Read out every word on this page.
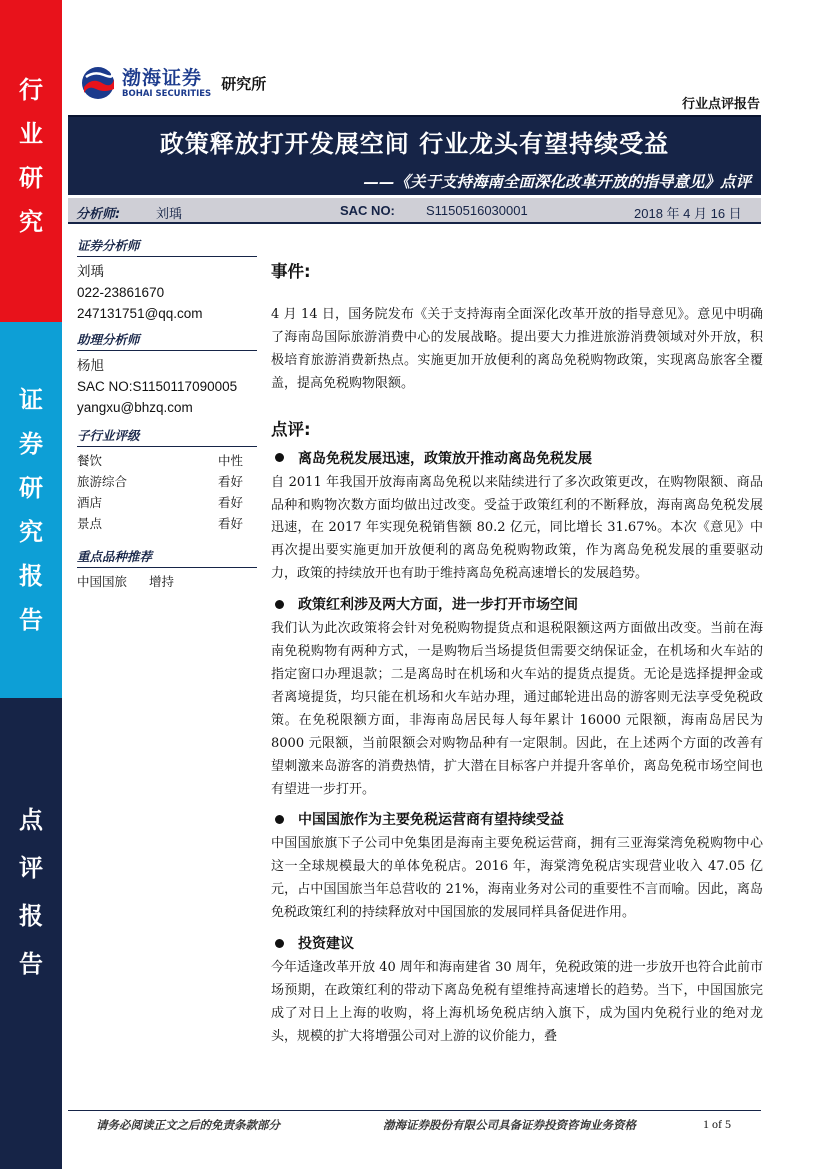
行
业
研
究
证
券
研
究
报
告
点
评
报
告
渤海证券
BOHAI SECURITIES
研究所
行业点评报告
政策释放打开发展空间 行业龙头有望持续受益
——《关于支持海南全面深化改革开放的指导意见》点评
分析师:	刘瑀	SAC NO: S1150516030001	2018 年 4 月 16 日
证券分析师
刘瑀
022-23861670
247131751@qq.com
助理分析师
杨旭
SAC NO:S1150117090005
yangxu@bhzq.com
子行业评级
餐饮	中性
旅游综合	看好
酒店	看好
景点	看好
重点品种推荐
中国国旅	增持
事件:

4 月 14 日，国务院发布《关于支持海南全面深化改革开放的指导意见》。意见中明确了海南岛国际旅游消费中心的发展战略。提出要大力推进旅游消费领域对外开放，积极培育旅游消费新热点。实施更加开放便利的离岛免税购物政策，实现离岛旅客全覆盖，提高免税购物限额。

点评:
离岛免税发展迅速，政策放开推动离岛免税发展

自 2011 年我国开放海南离岛免税以来陆续进行了多次政策更改，在购物限额、商品品种和购物次数方面均做出过改变。受益于政策红利的不断释放，海南离岛免税发展迅速，在 2017 年实现免税销售额 80.2 亿元，同比增长 31.67%。本次《意见》中再次提出要实施更加开放便利的离岛免税购物政策，作为离岛免税发展的重要驱动力，政策的持续放开也有助于维持离岛免税高速增长的发展趋势。

政策红利涉及两大方面，进一步打开市场空间

我们认为此次政策将会针对免税购物提货点和退税限额这两方面做出改变。当前在海南免税购物有两种方式，一是购物后当场提货但需要交纳保证金，在机场和火车站的指定窗口办理退款；二是离岛时在机场和火车站的提货点提货。无论是选择提押金或者离境提货，均只能在机场和火车站办理，通过邮轮进出岛的游客则无法享受免税政策。在免税限额方面，非海南岛居民每人每年累计 16000 元限额，海南岛居民为 8000 元限额，当前限额会对购物品种有一定限制。因此，在上述两个方面的改善有望刺激来岛游客的消费热情，扩大潜在目标客户并提升客单价，离岛免税市场空间也有望进一步打开。

中国国旅作为主要免税运营商有望持续受益

中国国旅旗下子公司中免集团是海南主要免税运营商，拥有三亚海棠湾免税购物中心这一全球规模最大的单体免税店。2016 年，海棠湾免税店实现营业收入 47.05 亿元，占中国国旅当年总营收的 21%，海南业务对公司的重要性不言而喻。因此，离岛免税政策红利的持续释放对中国国旅的发展同样具备促进作用。

投资建议

今年适逢改革开放 40 周年和海南建省 30 周年，免税政策的进一步放开也符合此前市场预期，在政策红利的带动下离岛免税有望维持高速增长的趋势。当下，中国国旅完成了对日上上海的收购，将上海机场免税店纳入旗下，成为国内免税行业的绝对龙头，规模的扩大将增强公司对上游的议价能力，叠

请务必阅读正文之后的免责条款部分	渤海证券股份有限公司具备证券投资咨询业务资格	1 of 5
